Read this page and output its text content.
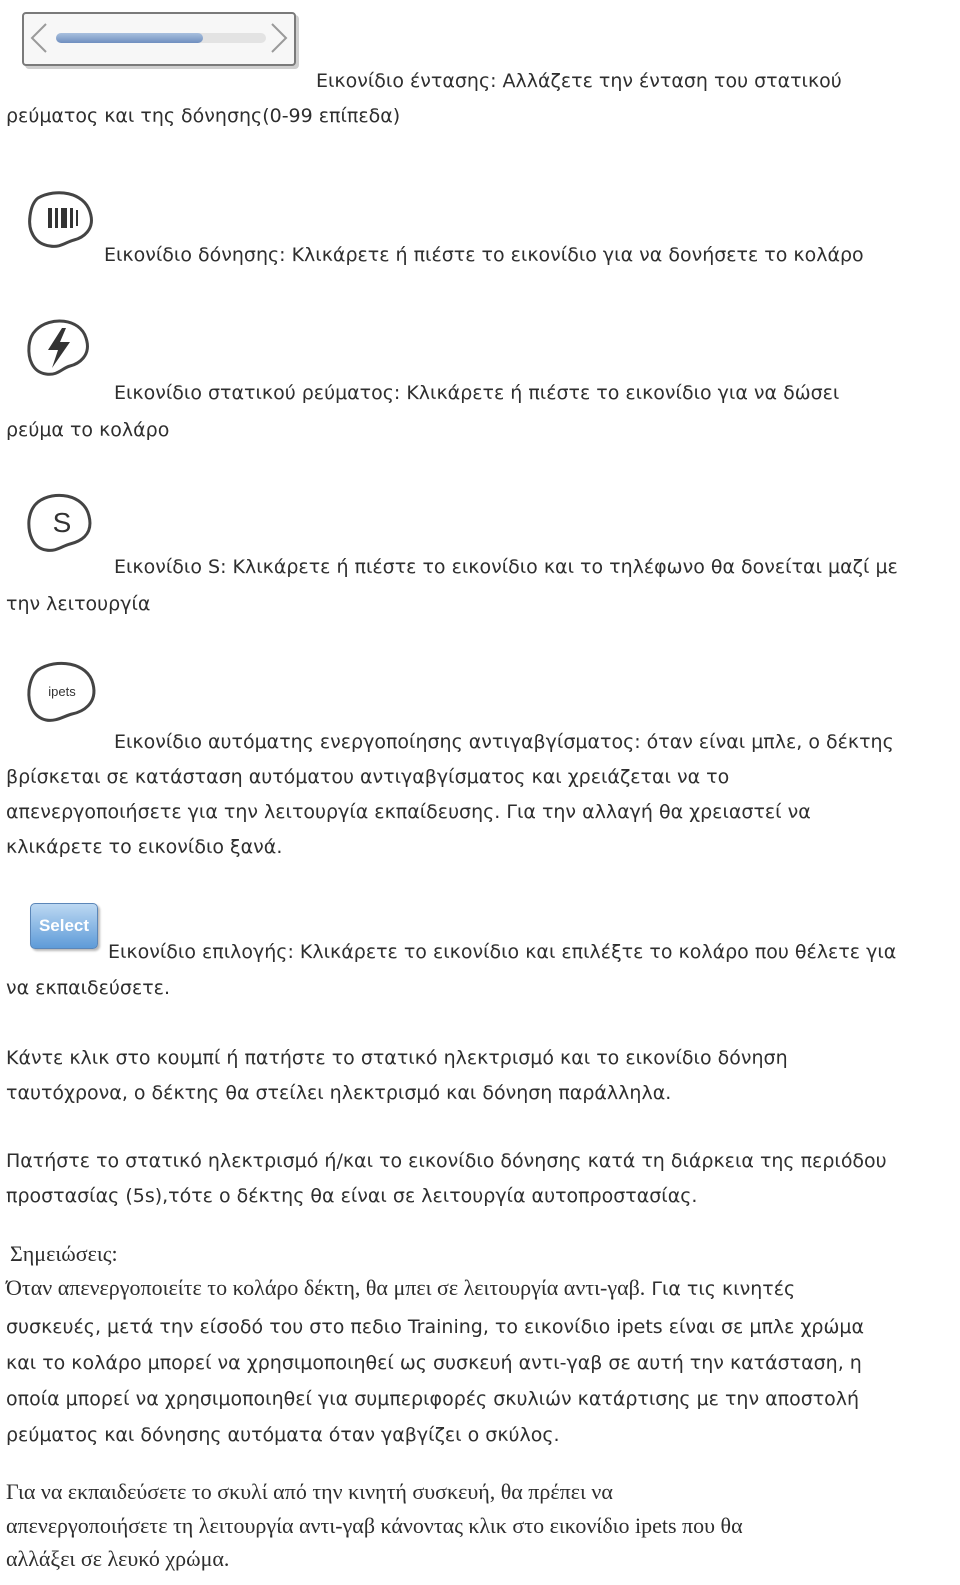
Εικονίδιο έντασης: Αλλάζετε την ένταση του στατικού

ρεύματος και της δόνησης(0-99 επίπεδα)

Εικονίδιο δόνησης: Κλικάρετε ή πιέστε το εικονίδιο για να δονήσετε το κολάρο

Εικονίδιο στατικού ρεύματος: Κλικάρετε ή πιέστε το εικονίδιο για να δώσει

ρεύμα το κολάρο

S

Εικονίδιο S: Κλικάρετε ή πιέστε το εικονίδιο και το τηλέφωνο θα δονείται μαζί με

την λειτουργία

ipets

Εικονίδιο αυτόματης ενεργοποίησης αντιγαβγίσματος: όταν είναι μπλε, ο δέκτης

βρίσκεται σε κατάσταση αυτόματου αντιγαβγίσματος και χρειάζεται να το

απενεργοποιήσετε για την λειτουργία εκπαίδευσης. Για την αλλαγή θα χρειαστεί να

κλικάρετε το εικονίδιο ξανά.

Select

Εικονίδιο επιλογής: Κλικάρετε το εικονίδιο και επιλέξτε το κολάρο που θέλετε για

να εκπαιδεύσετε.

Κάντε κλικ στο κουμπί ή πατήστε το στατικό ηλεκτρισμό και το εικονίδιο δόνηση

ταυτόχρονα, ο δέκτης θα στείλει ηλεκτρισμό και δόνηση παράλληλα.

Πατήστε το στατικό ηλεκτρισμό ή/και το εικονίδιο δόνησης κατά τη διάρκεια της περιόδου

προστασίας (5s),τότε ο δέκτης θα είναι σε λειτουργία αυτοπροστασίας.

Σημειώσεις:

Όταν απενεργοποιείτε το κολάρο δέκτη, θα μπει σε λειτουργία αντι-γαβ. Για τις κινητές

συσκευές, μετά την είσοδό του στο πεδιο Training, το εικονίδιο ipets είναι σε μπλε χρώμα

και το κολάρο μπορεί να χρησιμοποιηθεί ως συσκευή αντι-γαβ σε αυτή την κατάσταση, η

οποία μπορεί να χρησιμοποιηθεί για συμπεριφορές σκυλιών κατάρτισης με την αποστολή

ρεύματος και δόνησης αυτόματα όταν γαβγίζει ο σκύλος.

Για να εκπαιδεύσετε το σκυλί από την κινητή συσκευή, θα πρέπει να

απενεργοποιήσετε τη λειτουργία αντι-γαβ κάνοντας κλικ στο εικονίδιο ipets που θα

αλλάξει σε λευκό χρώμα.
